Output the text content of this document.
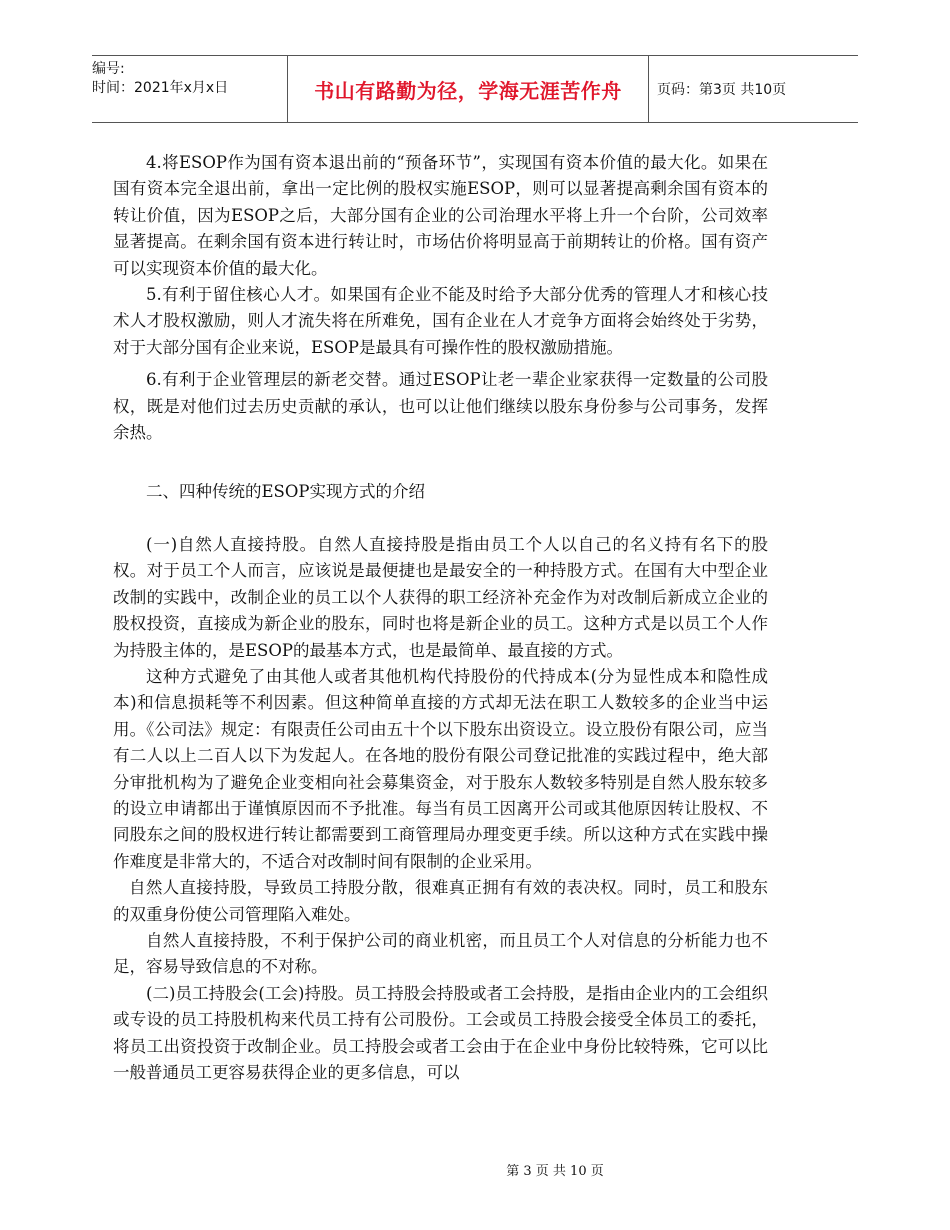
编号:
时间：2021年x月x日	书山有路勤为径，学海无涯苦作舟	页码：第3页 共10页

4.将ESOP作为国有资本退出前的“预备环节”，实现国有资本价值的最大化。如果在国有资本完全退出前，拿出一定比例的股权实施ESOP，则可以显著提高剩余国有资本的转让价值，因为ESOP之后，大部分国有企业的公司治理水平将上升一个台阶，公司效率显著提高。在剩余国有资本进行转让时，市场估价将明显高于前期转让的价格。国有资产可以实现资本价值的最大化。

5.有利于留住核心人才。如果国有企业不能及时给予大部分优秀的管理人才和核心技术人才股权激励，则人才流失将在所难免，国有企业在人才竞争方面将会始终处于劣势，对于大部分国有企业来说，ESOP是最具有可操作性的股权激励措施。

6.有利于企业管理层的新老交替。通过ESOP让老一辈企业家获得一定数量的公司股权，既是对他们过去历史贡献的承认，也可以让他们继续以股东身份参与公司事务，发挥余热。

二、四种传统的ESOP实现方式的介绍

(一)自然人直接持股。自然人直接持股是指由员工个人以自己的名义持有名下的股权。对于员工个人而言，应该说是最便捷也是最安全的一种持股方式。在国有大中型企业改制的实践中，改制企业的员工以个人获得的职工经济补充金作为对改制后新成立企业的股权投资，直接成为新企业的股东，同时也将是新企业的员工。这种方式是以员工个人作为持股主体的，是ESOP的最基本方式，也是最简单、最直接的方式。

这种方式避免了由其他人或者其他机构代持股份的代持成本(分为显性成本和隐性成本)和信息损耗等不利因素。但这种简单直接的方式却无法在职工人数较多的企业当中运用。《公司法》规定：有限责任公司由五十个以下股东出资设立。设立股份有限公司，应当有二人以上二百人以下为发起人。在各地的股份有限公司登记批准的实践过程中，绝大部分审批机构为了避免企业变相向社会募集资金，对于股东人数较多特别是自然人股东较多的设立申请都出于谨慎原因而不予批准。每当有员工因离开公司或其他原因转让股权、不同股东之间的股权进行转让都需要到工商管理局办理变更手续。所以这种方式在实践中操作难度是非常大的，不适合对改制时间有限制的企业采用。

自然人直接持股，导致员工持股分散，很难真正拥有有效的表决权。同时，员工和股东的双重身份使公司管理陷入难处。

自然人直接持股，不利于保护公司的商业机密，而且员工个人对信息的分析能力也不足，容易导致信息的不对称。

(二)员工持股会(工会)持股。员工持股会持股或者工会持股，是指由企业内的工会组织或专设的员工持股机构来代员工持有公司股份。工会或员工持股会接受全体员工的委托，将员工出资投资于改制企业。员工持股会或者工会由于在企业中身份比较特殊，它可以比一般普通员工更容易获得企业的更多信息，可以

第 3 页 共 10 页
